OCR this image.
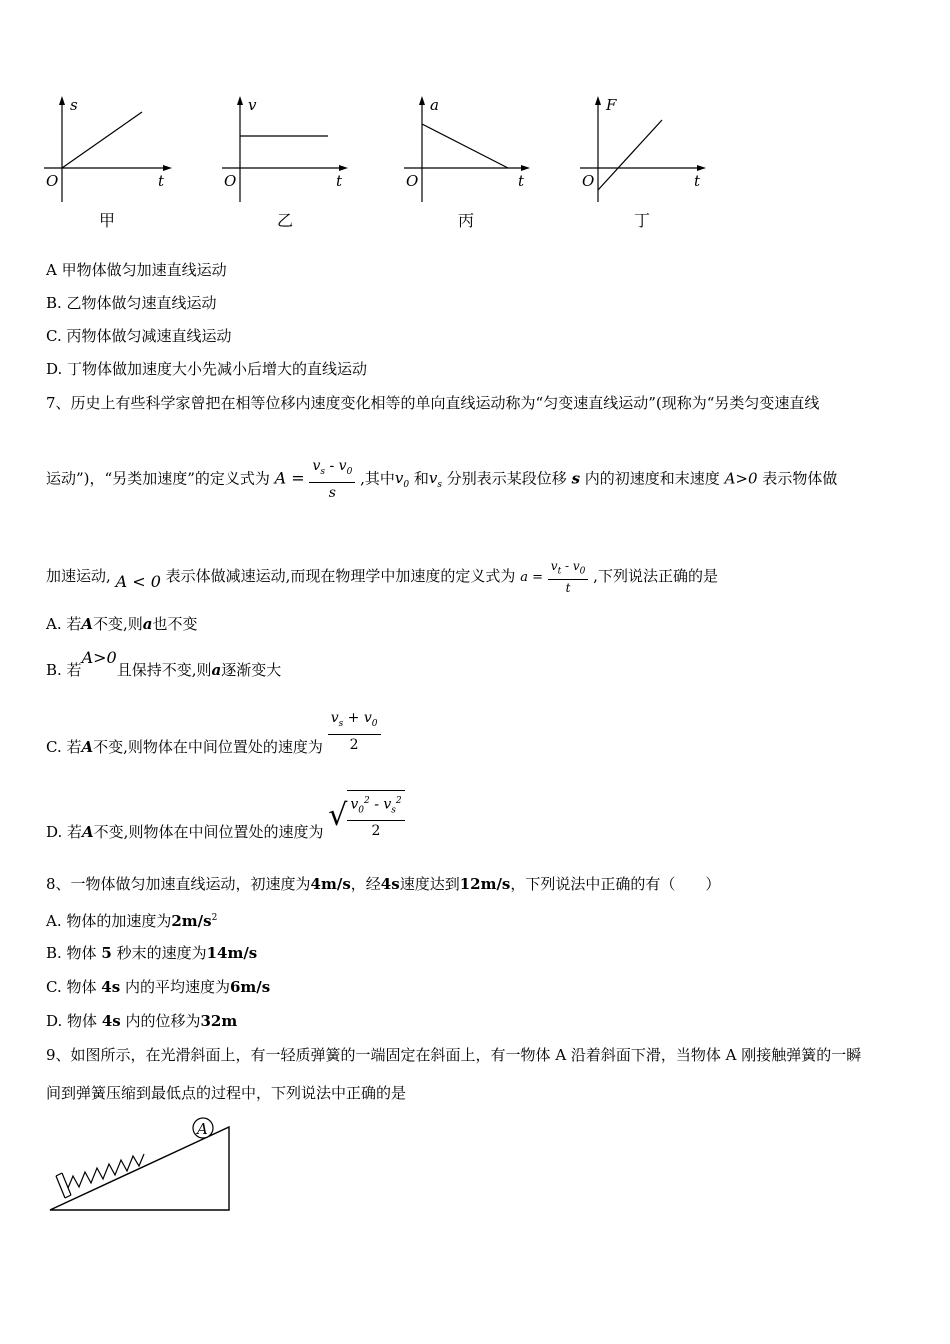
s
O	t
甲
v
O	t
乙
a
O	t
丙
F
O	t
丁
A 甲物体做匀加速直线运动
B. 乙物体做匀速直线运动
C. 丙物体做匀减速直线运动
D. 丁物体做加速度大小先减小后增大的直线运动
7、历史上有些科学家曾把在相等位移内速度变化相等的单向直线运动称为“匀变速直线运动”(现称为“另类匀变速直线
运动”)，“另类加速度”的定义式为 $A = \frac{v_s - v_0}{s}$ ,其中$v_0$ 和$v_s$ 分别表示某段位移 s 内的初速度和末速度 A>0 表示物体做
加速运动, A < 0 表示体做减速运动,而现在物理学中加速度的定义式为 $a = \frac{v_t - v_0}{t}$ ,下列说法正确的是
A. 若A不变,则a也不变
B. 若A>0且保持不变,则a逐渐变大
C. 若A不变,则物体在中间位置处的速度为 $\frac{v_s + v_0}{2}$
D. 若A不变,则物体在中间位置处的速度为 √ $\frac{v_0^2 - v_s^2}{2}$
8、一物体做匀加速直线运动，初速度为4m/s，经4s速度达到12m/s，下列说法中正确的有（　　）
A. 物体的加速度为$2m/s^2$
B. 物体 5 秒末的速度为14m/s
C. 物体 4s 内的平均速度为6m/s
D. 物体 4s 内的位移为32m
9、如图所示，在光滑斜面上，有一轻质弹簧的一端固定在斜面上，有一物体 A 沿着斜面下滑，当物体 A 刚接触弹簧的一瞬
间到弹簧压缩到最低点的过程中，下列说法中正确的是
A
